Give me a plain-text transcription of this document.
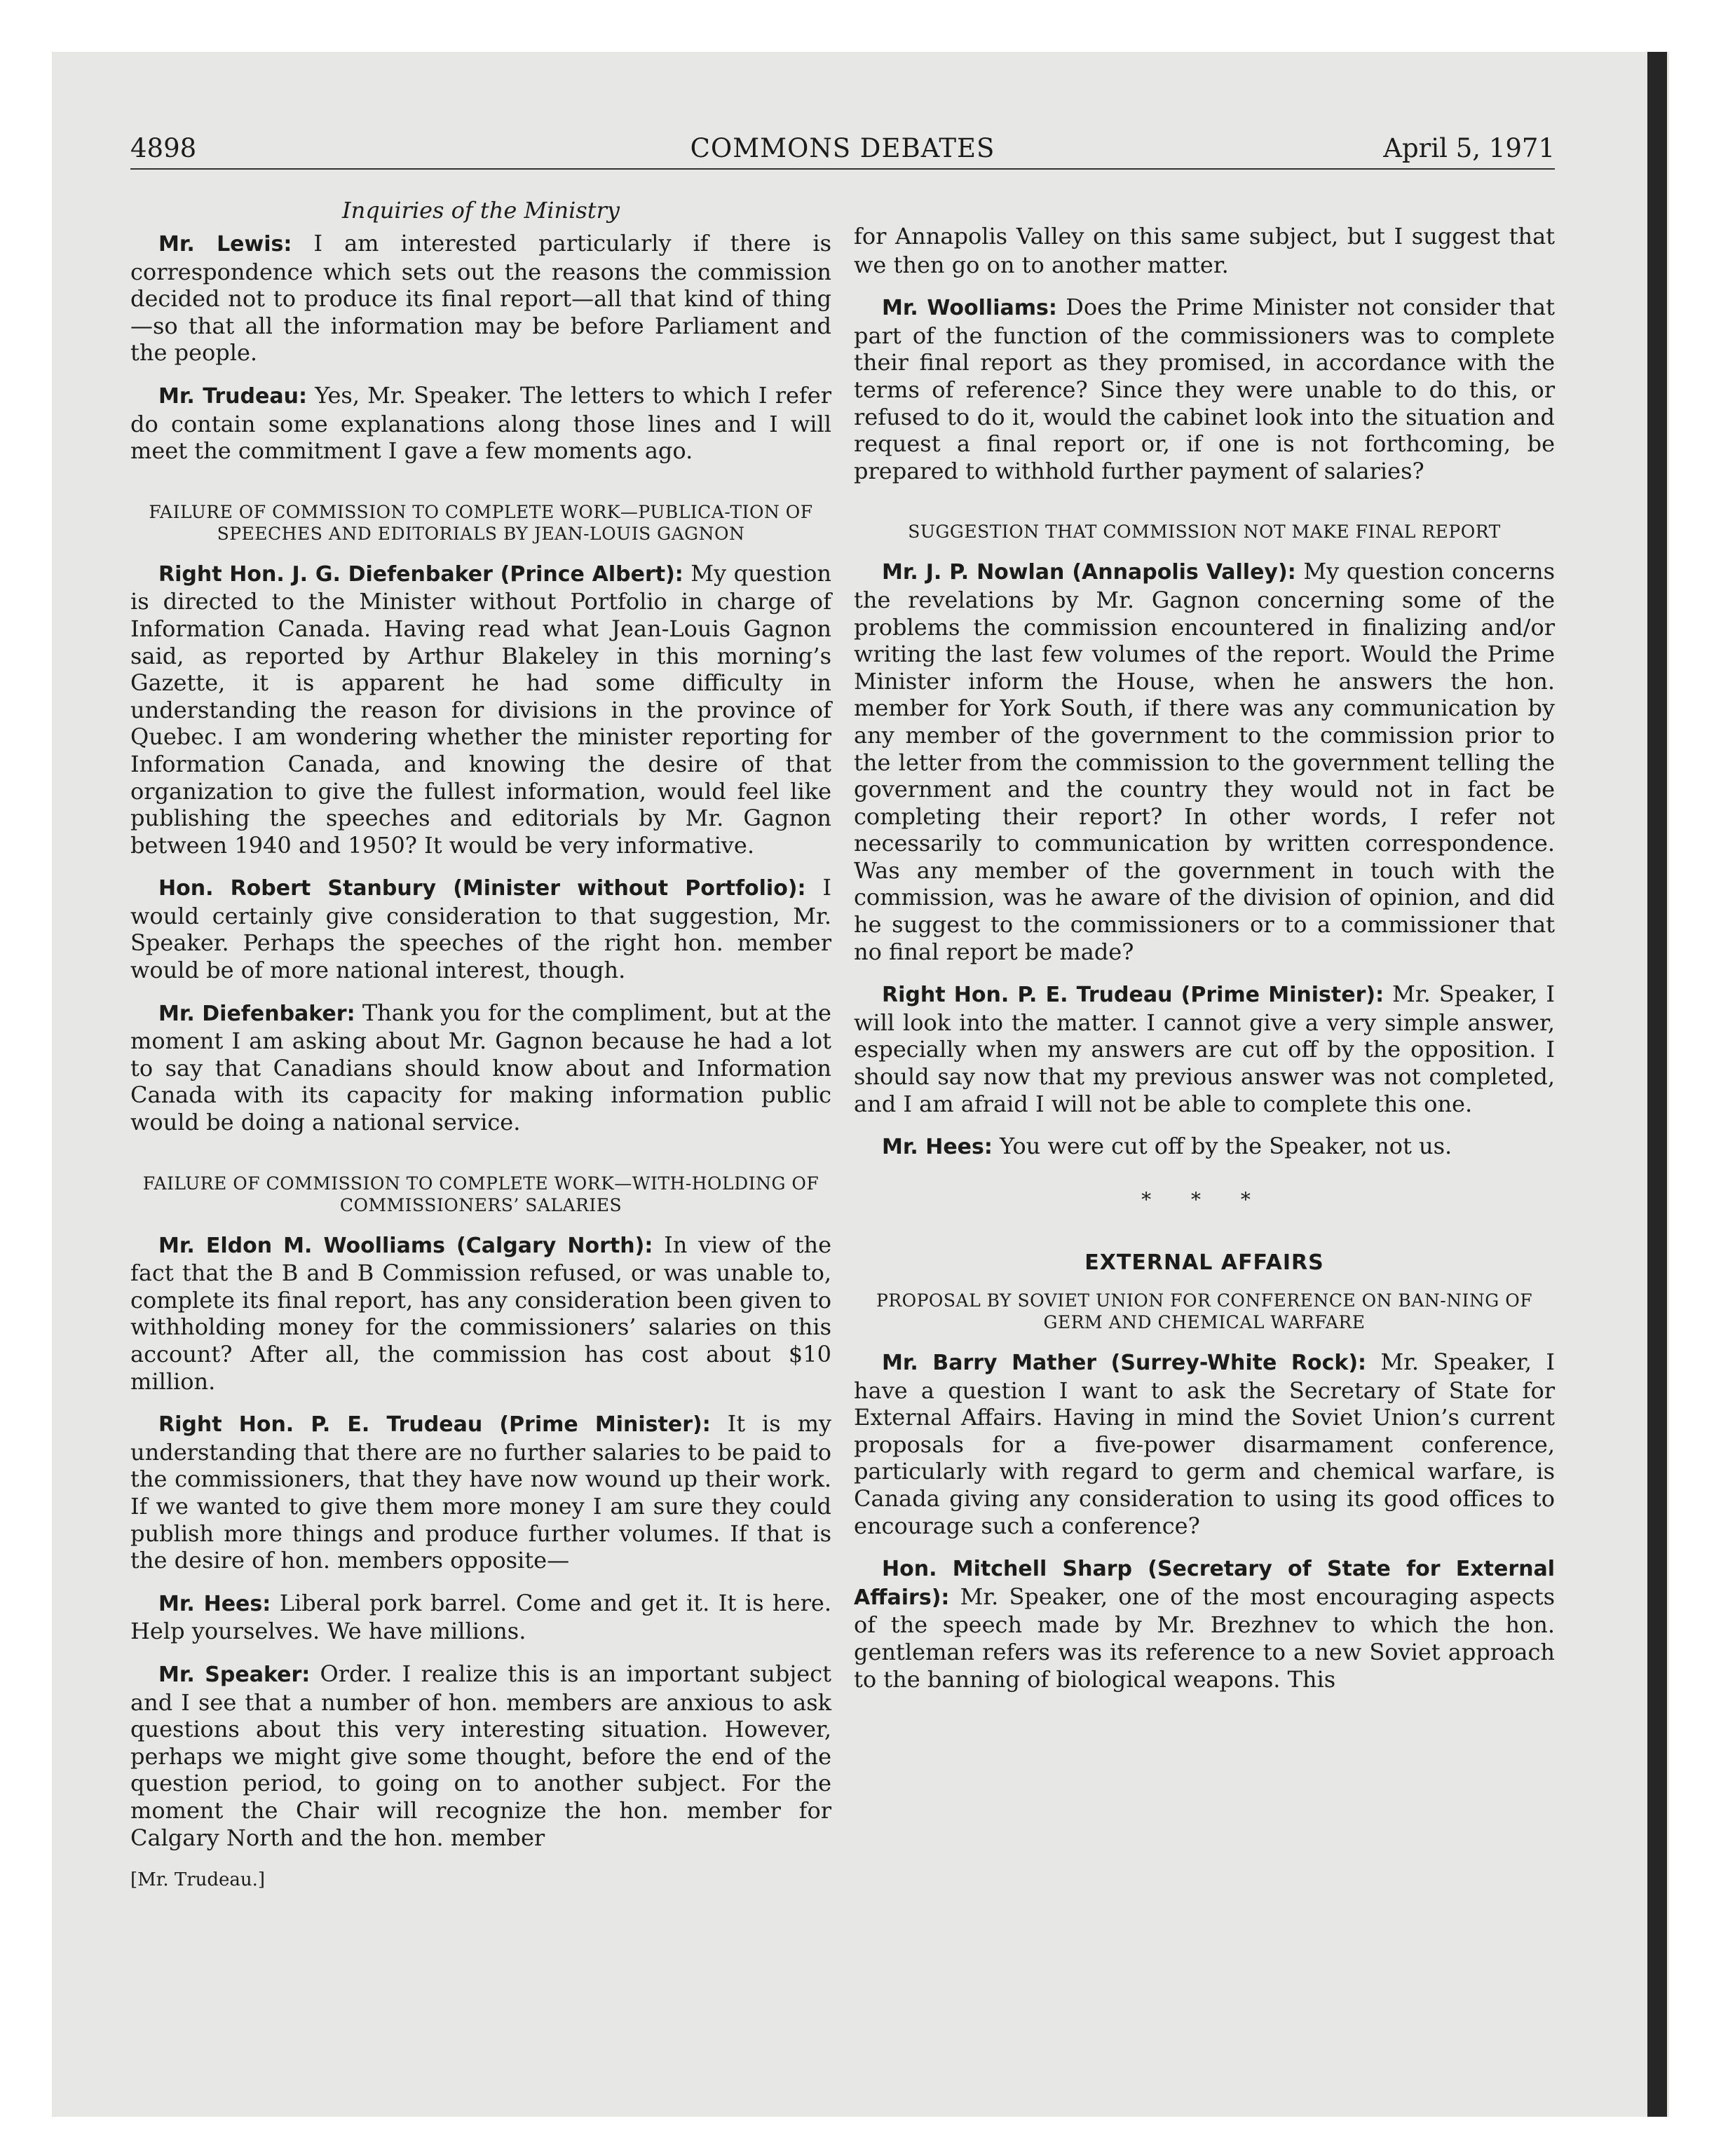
4898	COMMONS DEBATES	April 5, 1971
Inquiries of the Ministry

Mr. Lewis: I am interested particularly if there is correspondence which sets out the reasons the commission decided not to produce its final report—all that kind of thing—so that all the information may be before Parliament and the people.

Mr. Trudeau: Yes, Mr. Speaker. The letters to which I refer do contain some explanations along those lines and I will meet the commitment I gave a few moments ago.

FAILURE OF COMMISSION TO COMPLETE WORK—PUBLICA-TION OF SPEECHES AND EDITORIALS BY JEAN-LOUIS GAGNON

Right Hon. J. G. Diefenbaker (Prince Albert): My question is directed to the Minister without Portfolio in charge of Information Canada. Having read what Jean-Louis Gagnon said, as reported by Arthur Blakeley in this morning’s Gazette, it is apparent he had some difficulty in understanding the reason for divisions in the province of Quebec. I am wondering whether the minister reporting for Information Canada, and knowing the desire of that organization to give the fullest information, would feel like publishing the speeches and editorials by Mr. Gagnon between 1940 and 1950? It would be very informative.

Hon. Robert Stanbury (Minister without Portfolio): I would certainly give consideration to that suggestion, Mr. Speaker. Perhaps the speeches of the right hon. member would be of more national interest, though.

Mr. Diefenbaker: Thank you for the compliment, but at the moment I am asking about Mr. Gagnon because he had a lot to say that Canadians should know about and Information Canada with its capacity for making information public would be doing a national service.

FAILURE OF COMMISSION TO COMPLETE WORK—WITH-HOLDING OF COMMISSIONERS’ SALARIES

Mr. Eldon M. Woolliams (Calgary North): In view of the fact that the B and B Commission refused, or was unable to, complete its final report, has any consideration been given to withholding money for the commissioners’ salaries on this account? After all, the commission has cost about $10 million.

Right Hon. P. E. Trudeau (Prime Minister): It is my understanding that there are no further salaries to be paid to the commissioners, that they have now wound up their work. If we wanted to give them more money I am sure they could publish more things and produce further volumes. If that is the desire of hon. members opposite—

Mr. Hees: Liberal pork barrel. Come and get it. It is here. Help yourselves. We have millions.

Mr. Speaker: Order. I realize this is an important subject and I see that a number of hon. members are anxious to ask questions about this very interesting situation. However, perhaps we might give some thought, before the end of the question period, to going on to another subject. For the moment the Chair will recognize the hon. member for Calgary North and the hon. member

[Mr. Trudeau.]

for Annapolis Valley on this same subject, but I suggest that we then go on to another matter.

Mr. Woolliams: Does the Prime Minister not consider that part of the function of the commissioners was to complete their final report as they promised, in accordance with the terms of reference? Since they were unable to do this, or refused to do it, would the cabinet look into the situation and request a final report or, if one is not forthcoming, be prepared to withhold further payment of salaries?

SUGGESTION THAT COMMISSION NOT MAKE FINAL REPORT

Mr. J. P. Nowlan (Annapolis Valley): My question concerns the revelations by Mr. Gagnon concerning some of the problems the commission encountered in finalizing and/or writing the last few volumes of the report. Would the Prime Minister inform the House, when he answers the hon. member for York South, if there was any communication by any member of the government to the commission prior to the letter from the commission to the government telling the government and the country they would not in fact be completing their report? In other words, I refer not necessarily to communication by written correspondence. Was any member of the government in touch with the commission, was he aware of the division of opinion, and did he suggest to the commissioners or to a commissioner that no final report be made?

Right Hon. P. E. Trudeau (Prime Minister): Mr. Speaker, I will look into the matter. I cannot give a very simple answer, especially when my answers are cut off by the opposition. I should say now that my previous answer was not completed, and I am afraid I will not be able to complete this one.

Mr. Hees: You were cut off by the Speaker, not us.

* * *
EXTERNAL AFFAIRS
PROPOSAL BY SOVIET UNION FOR CONFERENCE ON BAN-NING OF GERM AND CHEMICAL WARFARE

Mr. Barry Mather (Surrey-White Rock): Mr. Speaker, I have a question I want to ask the Secretary of State for External Affairs. Having in mind the Soviet Union’s current proposals for a five-power disarmament conference, particularly with regard to germ and chemical warfare, is Canada giving any consideration to using its good offices to encourage such a conference?

Hon. Mitchell Sharp (Secretary of State for External Affairs): Mr. Speaker, one of the most encouraging aspects of the speech made by Mr. Brezhnev to which the hon. gentleman refers was its reference to a new Soviet approach to the banning of biological weapons. This
